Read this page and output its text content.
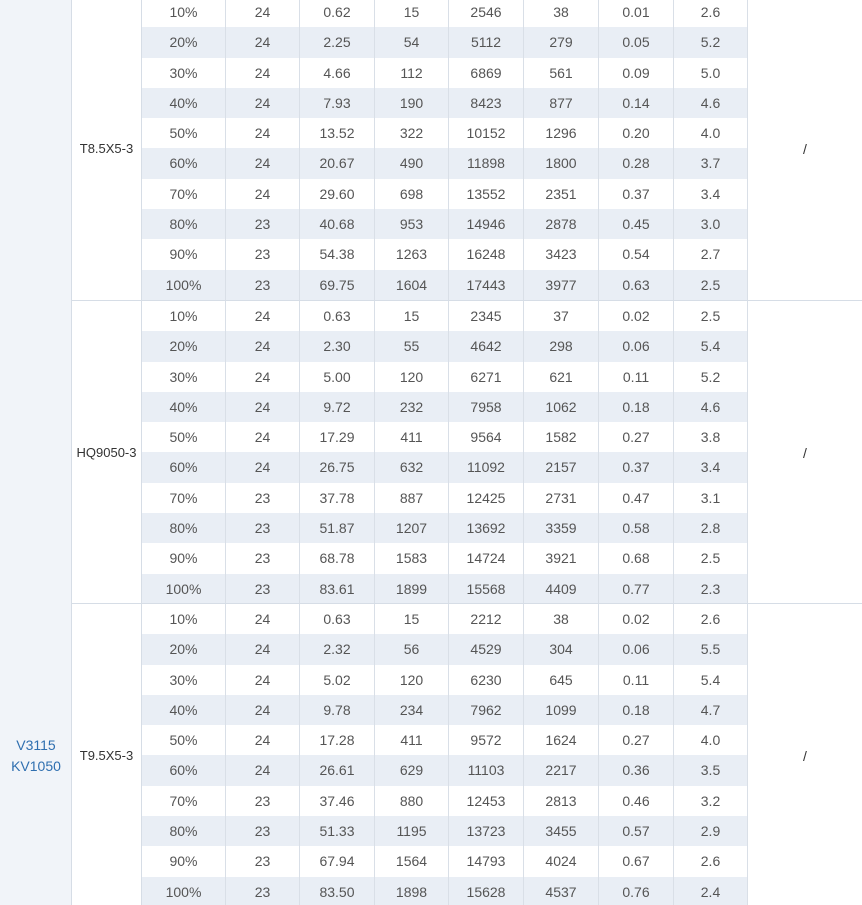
V3115
KV1050
T8.5X5-3
10%	24	0.62	15	2546	38	0.01	2.6
20%	24	2.25	54	5112	279	0.05	5.2
30%	24	4.66	112	6869	561	0.09	5.0
40%	24	7.93	190	8423	877	0.14	4.6
50%	24	13.52	322	10152	1296	0.20	4.0
60%	24	20.67	490	11898	1800	0.28	3.7
70%	24	29.60	698	13552	2351	0.37	3.4
80%	23	40.68	953	14946	2878	0.45	3.0
90%	23	54.38	1263	16248	3423	0.54	2.7
100%	23	69.75	1604	17443	3977	0.63	2.5
/
HQ9050-3
10%	24	0.63	15	2345	37	0.02	2.5
20%	24	2.30	55	4642	298	0.06	5.4
30%	24	5.00	120	6271	621	0.11	5.2
40%	24	9.72	232	7958	1062	0.18	4.6
50%	24	17.29	411	9564	1582	0.27	3.8
60%	24	26.75	632	11092	2157	0.37	3.4
70%	23	37.78	887	12425	2731	0.47	3.1
80%	23	51.87	1207	13692	3359	0.58	2.8
90%	23	68.78	1583	14724	3921	0.68	2.5
100%	23	83.61	1899	15568	4409	0.77	2.3
/
T9.5X5-3
10%	24	0.63	15	2212	38	0.02	2.6
20%	24	2.32	56	4529	304	0.06	5.5
30%	24	5.02	120	6230	645	0.11	5.4
40%	24	9.78	234	7962	1099	0.18	4.7
50%	24	17.28	411	9572	1624	0.27	4.0
60%	24	26.61	629	11103	2217	0.36	3.5
70%	23	37.46	880	12453	2813	0.46	3.2
80%	23	51.33	1195	13723	3455	0.57	2.9
90%	23	67.94	1564	14793	4024	0.67	2.6
100%	23	83.50	1898	15628	4537	0.76	2.4
/
